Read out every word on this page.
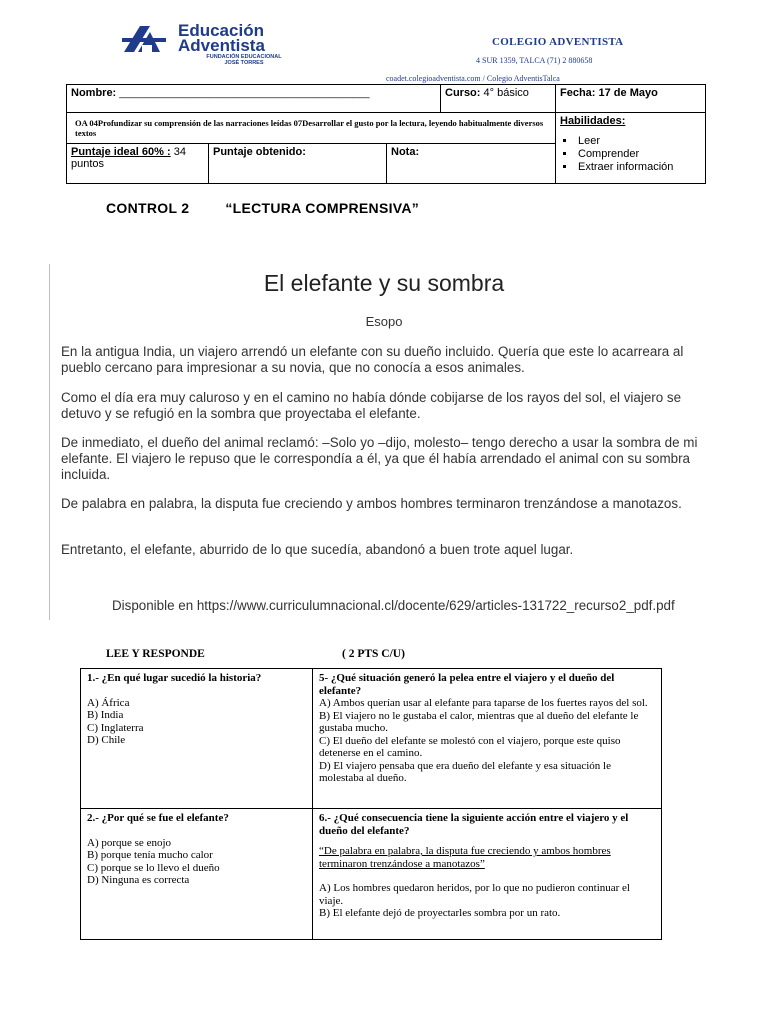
Educación
Adventista
FUNDACIÓN EDUCACIONAL
JOSÉ TORRES
COLEGIO ADVENTISTA
4 SUR 1359, TALCA (71) 2 880658
coadet.colegioadventista.com / Colegio AdventisTalca
Nombre: _____________________________________________	Curso: 4° básico	Fecha: 17 de Mayo
OA 04Profundizar su comprensión de las narraciones leídas 07Desarrollar el gusto por la lectura, leyendo habitualmente diversos textos
Habilidades:
▪ Leer
▪ Comprender
▪ Extraer información
Puntaje ideal 60% : 34 puntos
Puntaje obtenido:	Nota:
CONTROL 2	“LECTURA COMPRENSIVA”
El elefante y su sombra
Esopo
En la antigua India, un viajero arrendó un elefante con su dueño incluido. Quería que este lo acarreara al pueblo cercano para impresionar a su novia, que no conocía a esos animales.
Como el día era muy caluroso y en el camino no había dónde cobijarse de los rayos del sol, el viajero se detuvo y se refugió en la sombra que proyectaba el elefante.
De inmediato, el dueño del animal reclamó: –Solo yo –dijo, molesto– tengo derecho a usar la sombra de mi elefante. El viajero le repuso que le correspondía a él, ya que él había arrendado el animal con su sombra incluida.
De palabra en palabra, la disputa fue creciendo y ambos hombres terminaron trenzándose a manotazos.
Entretanto, el elefante, aburrido de lo que sucedía, abandonó a buen trote aquel lugar.
Disponible en https://www.curriculumnacional.cl/docente/629/articles-131722_recurso2_pdf.pdf
LEE Y RESPONDE	( 2 PTS C/U)

1.- ¿En qué lugar sucedió la historia?

A) África

B) India

C) Inglaterra

D) Chile

5- ¿Qué situación generó la pelea entre el viajero y el dueño del elefante?

A) Ambos querían usar al elefante para taparse de los fuertes rayos del sol.

B) El viajero no le gustaba el calor, mientras que al dueño del elefante le gustaba mucho.

C) El dueño del elefante se molestó con el viajero, porque este quiso detenerse en el camino.

D) El viajero pensaba que era dueño del elefante y esa situación le molestaba al dueño.

2.- ¿Por qué se fue el elefante?

A) porque se enojo

B) porque tenía mucho calor

C) porque se lo llevo el dueño

D) Ninguna es correcta

6.- ¿Qué consecuencia tiene la siguiente acción entre el viajero y el dueño del elefante?

“De palabra en palabra, la disputa fue creciendo y ambos hombres terminaron trenzándose a manotazos”

A) Los hombres quedaron heridos, por lo que no pudieron continuar el viaje.

B) El elefante dejó de proyectarles sombra por un rato.
